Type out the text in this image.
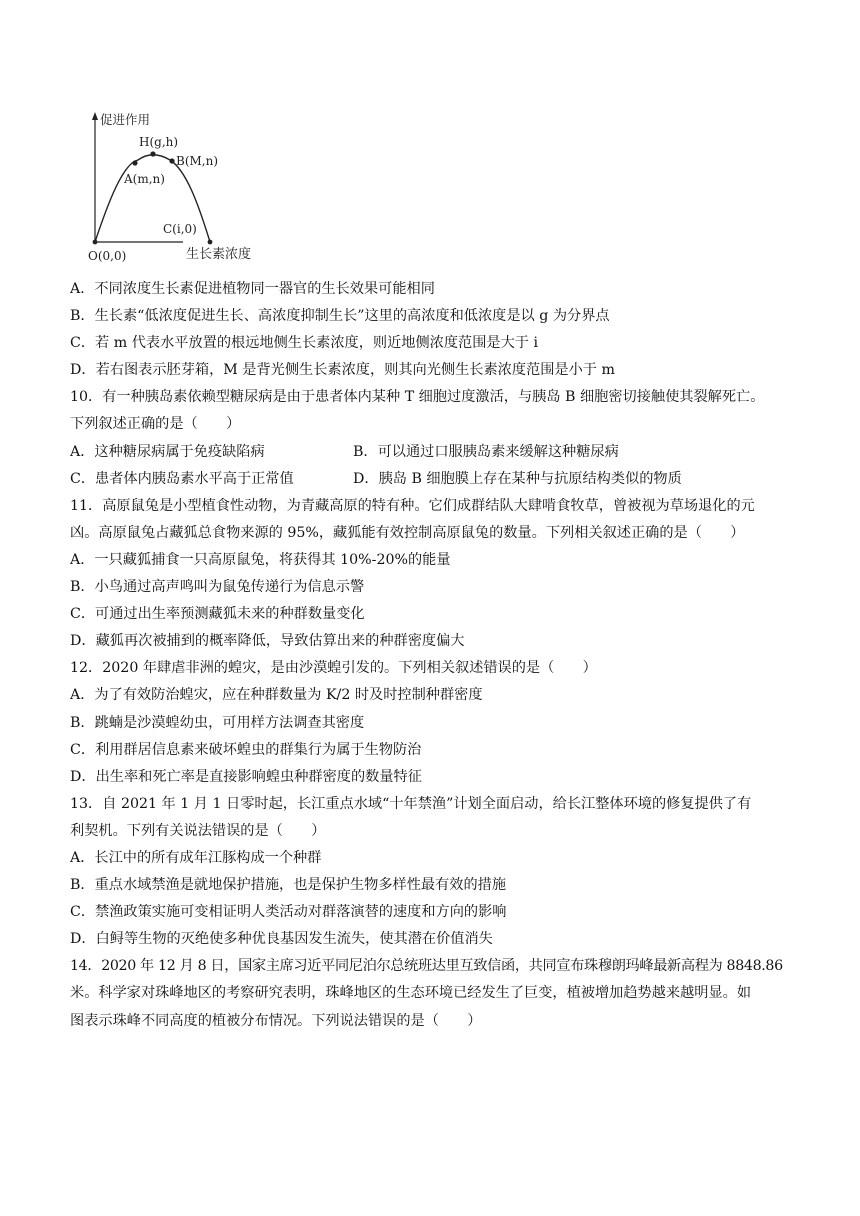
促进作用
H(g,h)
B(M,n)
A(m,n)
C(i,0)
生长素浓度
O(0,0)
A．不同浓度生长素促进植物同一器官的生长效果可能相同
B．生长素“低浓度促进生长、高浓度抑制生长”这里的高浓度和低浓度是以 g 为分界点
C．若 m 代表水平放置的根远地侧生长素浓度，则近地侧浓度范围是大于 i
D．若右图表示胚芽箱，M 是背光侧生长素浓度，则其向光侧生长素浓度范围是小于 m
10．有一种胰岛素依赖型糖尿病是由于患者体内某种 T 细胞过度激活，与胰岛 B 细胞密切接触使其裂解死亡。
下列叙述正确的是（　　）
A．这种糖尿病属于免疫缺陷病	B．可以通过口服胰岛素来缓解这种糖尿病
C．患者体内胰岛素水平高于正常值	D．胰岛 B 细胞膜上存在某种与抗原结构类似的物质
11．高原鼠兔是小型植食性动物，为青藏高原的特有种。它们成群结队大肆啃食牧草，曾被视为草场退化的元
凶。高原鼠兔占藏狐总食物来源的 95%，藏狐能有效控制高原鼠兔的数量。下列相关叙述正确的是（　　）
A．一只藏狐捕食一只高原鼠兔，将获得其 10%-20%的能量
B．小鸟通过高声鸣叫为鼠兔传递行为信息示警
C．可通过出生率预测藏狐未来的种群数量变化
D．藏狐再次被捕到的概率降低，导致估算出来的种群密度偏大
12．2020 年肆虐非洲的蝗灾，是由沙漠蝗引发的。下列相关叙述错误的是（　　）
A．为了有效防治蝗灾，应在种群数量为 K/2 时及时控制种群密度
B．跳蝻是沙漠蝗幼虫，可用样方法调查其密度
C．利用群居信息素来破坏蝗虫的群集行为属于生物防治
D．出生率和死亡率是直接影响蝗虫种群密度的数量特征
13．自 2021 年 1 月 1 日零时起，长江重点水域“十年禁渔”计划全面启动，给长江整体环境的修复提供了有
利契机。下列有关说法错误的是（　　）
A．长江中的所有成年江豚构成一个种群
B．重点水域禁渔是就地保护措施，也是保护生物多样性最有效的措施
C．禁渔政策实施可变相证明人类活动对群落演替的速度和方向的影响
D．白鲟等生物的灭绝使多种优良基因发生流失，使其潜在价值消失
14．2020 年 12 月 8 日，国家主席习近平同尼泊尔总统班达里互致信函，共同宣布珠穆朗玛峰最新高程为 8848.86
米。科学家对珠峰地区的考察研究表明，珠峰地区的生态环境已经发生了巨变，植被增加趋势越来越明显。如
图表示珠峰不同高度的植被分布情况。下列说法错误的是（　　）
